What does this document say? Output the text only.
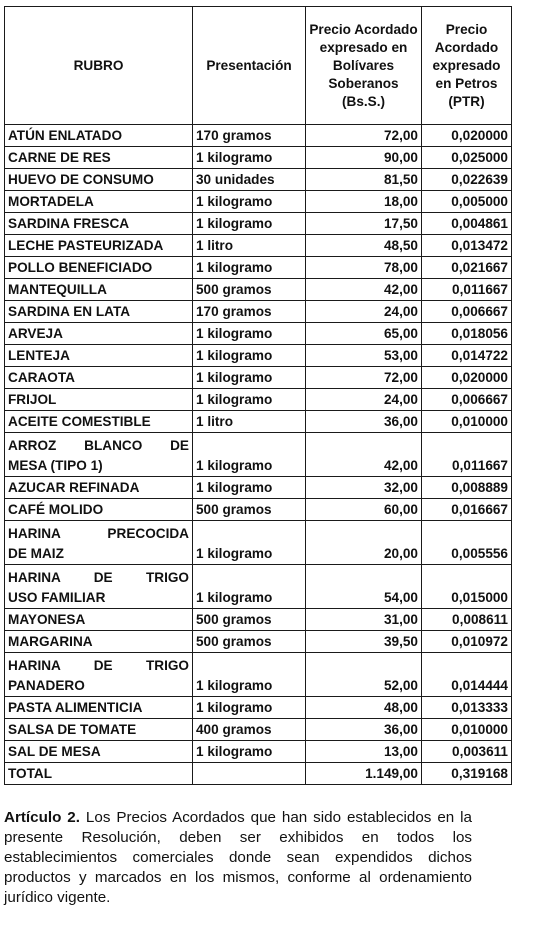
RUBRO	Presentación	Precio Acordado expresado en Bolívares Soberanos (Bs.S.)	Precio Acordado expresado en Petros (PTR)
ATÚN ENLATADO	170 gramos	72,00	0,020000
CARNE DE RES	1 kilogramo	90,00	0,025000
HUEVO DE CONSUMO	30 unidades	81,50	0,022639
MORTADELA	1 kilogramo	18,00	0,005000
SARDINA FRESCA	1 kilogramo	17,50	0,004861
LECHE PASTEURIZADA	1 litro	48,50	0,013472
POLLO BENEFICIADO	1 kilogramo	78,00	0,021667
MANTEQUILLA	500 gramos	42,00	0,011667
SARDINA EN LATA	170 gramos	24,00	0,006667
ARVEJA	1 kilogramo	65,00	0,018056
LENTEJA	1 kilogramo	53,00	0,014722
CARAOTA	1 kilogramo	72,00	0,020000
FRIJOL	1 kilogramo	24,00	0,006667
ACEITE COMESTIBLE	1 litro	36,00	0,010000

ARROZ BLANCO DE
MESA (TIPO 1)	1 kilogramo	42,00	0,011667
AZUCAR REFINADA	1 kilogramo	32,00	0,008889
CAFÉ MOLIDO	500 gramos	60,00	0,016667

HARINA PRECOCIDA
DE MAIZ	1 kilogramo	20,00	0,005556

HARINA DE TRIGO
USO FAMILIAR	1 kilogramo	54,00	0,015000
MAYONESA	500 gramos	31,00	0,008611
MARGARINA	500 gramos	39,50	0,010972

HARINA DE TRIGO
PANADERO	1 kilogramo	52,00	0,014444
PASTA ALIMENTICIA	1 kilogramo	48,00	0,013333
SALSA DE TOMATE	400 gramos	36,00	0,010000
SAL DE MESA	1 kilogramo	13,00	0,003611
TOTAL		1.149,00	0,319168

Artículo 2. Los Precios Acordados que han sido establecidos en la presente Resolución, deben ser exhibidos en todos los establecimientos comerciales donde sean expendidos dichos productos y marcados en los mismos, conforme al ordenamiento jurídico vigente.
